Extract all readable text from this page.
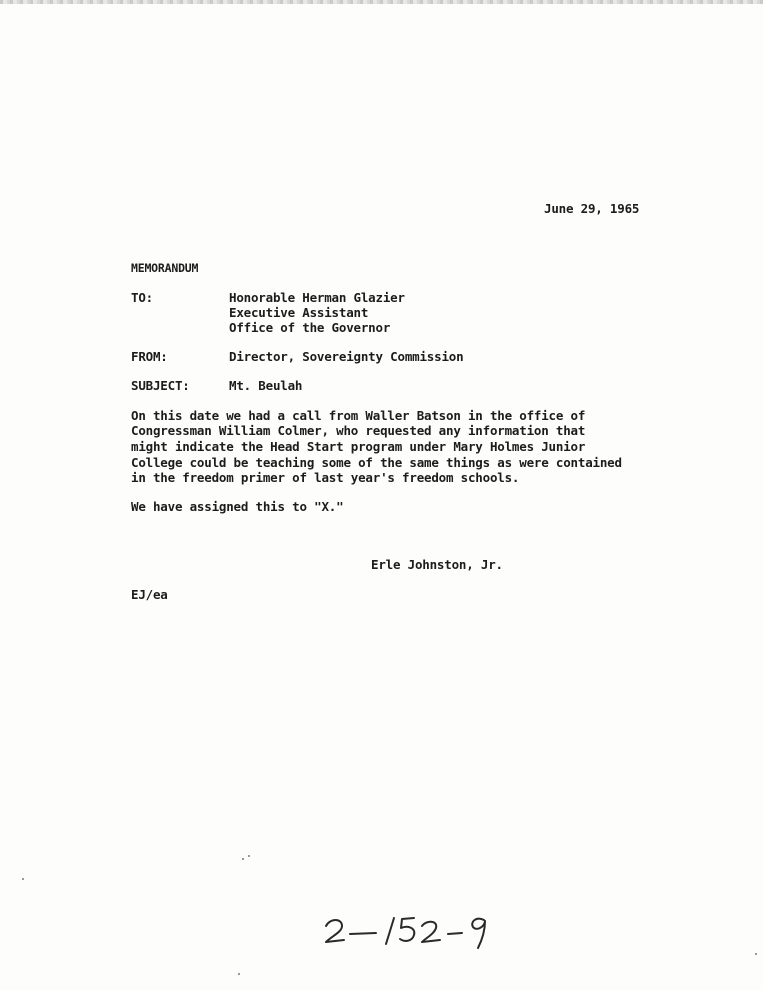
June 29, 1965
MEMORANDUM
TO:	Honorable Herman Glazier
Executive Assistant
Office of the Governor
FROM:	Director, Sovereignty Commission
SUBJECT:	Mt. Beulah
On this date we had a call from Waller Batson in the office of
Congressman William Colmer, who requested any information that
might indicate the Head Start program under Mary Holmes Junior
College could be teaching some of the same things as were contained
in the freedom primer of last year's freedom schools.
We have assigned this to "X."
Erle Johnston, Jr.
EJ/ea
